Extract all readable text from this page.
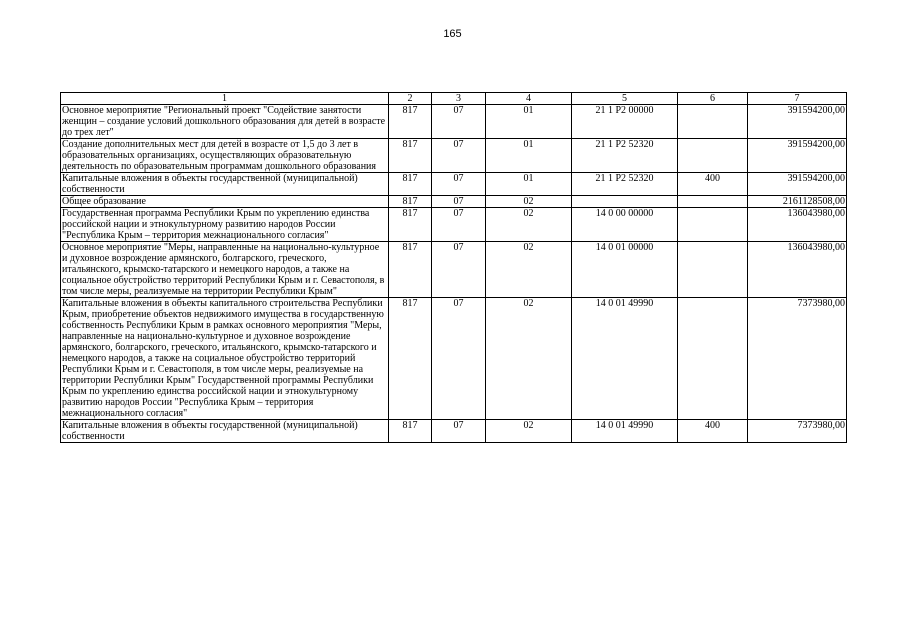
165
1	2	3	4	5	6	7
Основное мероприятие "Региональный проект "Содействие занятости женщин – создание условий дошкольного образования для детей в возрасте до трех лет"	817	07	01	21 1 P2 00000		391594200,00

Создание дополнительных мест для детей в возрасте от 1,5 до 3 лет в образовательных организациях, осуществляющих образовательную деятельность по образовательным программам дошкольного образования	817	07	01	21 1 P2 52320		391594200,00

Капитальные вложения в объекты государственной (муниципальной) собственности	817	07	01	21 1 P2 52320	400	391594200,00

Общее образование	817	07	02			2161128508,00

Государственная программа Республики Крым по укреплению единства российской нации и этнокультурному развитию народов России "Республика Крым – территория межнационального согласия"	817	07	02	14 0 00 00000		136043980,00

Основное мероприятие "Меры, направленные на национально-культурное и духовное возрождение армянского, болгарского, греческого, итальянского, крымско-татарского и немецкого народов, а также на социальное обустройство территорий Республики Крым и г. Севастополя, в том числе меры, реализуемые на территории Республики Крым"	817	07	02	14 0 01 00000		136043980,00

Капитальные вложения в объекты капитального строительства Республики Крым, приобретение объектов недвижимого имущества в государственную собственность Республики Крым в рамках основного мероприятия "Меры, направленные на национально-культурное и духовное возрождение армянского, болгарского, греческого, итальянского, крымско-татарского и немецкого народов, а также на социальное обустройство территорий Республики Крым и г. Севастополя, в том числе меры, реализуемые на территории Республики Крым" Государственной программы Республики Крым по укреплению единства российской нации и этнокультурному развитию народов России "Республика Крым – территория межнационального согласия"	817	07	02	14 0 01 49990		7373980,00

Капитальные вложения в объекты государственной (муниципальной) собственности	817	07	02	14 0 01 49990	400	7373980,00
